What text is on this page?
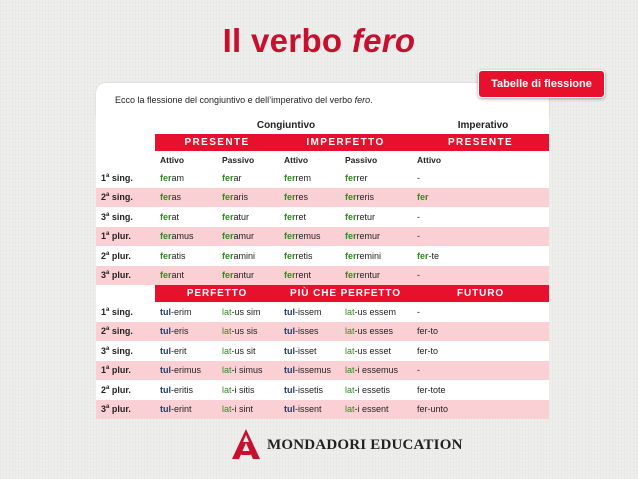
Il verbo fero
Ecco la flessione del congiuntivo e dell’imperativo del verbo fero.
Tabelle di flessione
	Congiuntivo				Imperativo
	PRESENTE		IMPERFETTO		PRESENTE
	Attivo	Passivo	Attivo	Passivo	Attivo
1$^a$ sing.	feram	ferar	ferrem	ferrer	-
2$^a$ sing.	feras	feraris	ferres	ferreris	fer
3$^a$ sing.	ferat	feratur	ferret	ferretur	-
1$^a$ plur.	feramus	feramur	ferremus	ferremur	-
2$^a$ plur.	feratis	feramini	ferretis	ferremini	fer-te
3$^a$ plur.	ferant	ferantur	ferrent	ferrentur	-
	PERFETTO		PIÙ CHE PERFETTO		FUTURO
1$^a$ sing.	tul-erim	lat-us sim	tul-issem	lat-us essem	-
2$^a$ sing.	tul-eris	lat-us sis	tul-isses	lat-us esses	fer-to
3$^a$ sing.	tul-erit	lat-us sit	tul-isset	lat-us esset	fer-to
1$^a$ plur.	tul-erimus	lat-i simus	tul-issemus	lat-i essemus	-
2$^a$ plur.	tul-eritis	lat-i sitis	tul-issetis	lat-i essetis	fer-tote
3$^a$ plur.	tul-erint	lat-i sint	tul-issent	lat-i essent	fer-unto
MONDADORI EDUCATION
